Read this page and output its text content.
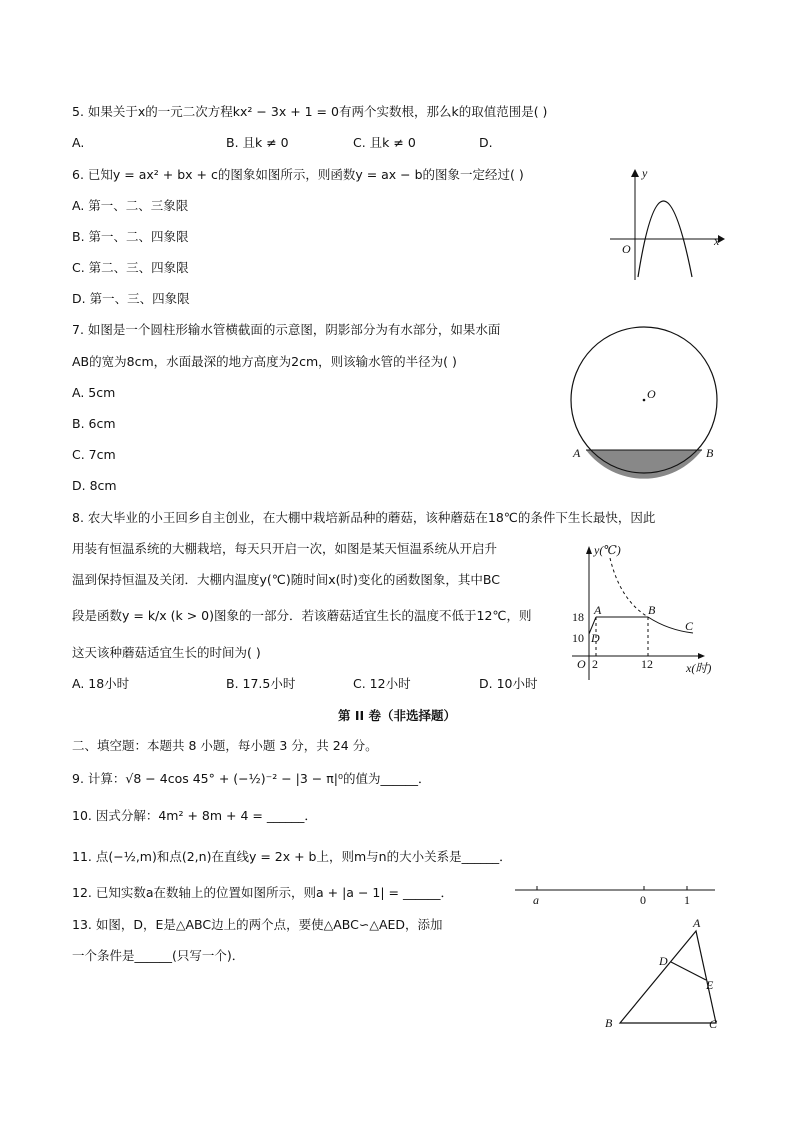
5. 如果关于x的一元二次方程kx² − 3x + 1 = 0有两个实数根，那么k的取值范围是( )
A.	B. 且k ≠ 0	C. 且k ≠ 0	D.
6. 已知y = ax² + bx + c的图象如图所示，则函数y = ax − b的图象一定经过( )
A. 第一、二、三象限
B. 第一、二、四象限
C. 第二、三、四象限
D. 第一、三、四象限
y
x
O
7. 如图是一个圆柱形输水管横截面的示意图，阴影部分为有水部分，如果水面
AB的宽为8cm，水面最深的地方高度为2cm，则该输水管的半径为( )
A. 5cm
B. 6cm
C. 7cm
D. 8cm
O
A	B
8. 农大毕业的小王回乡自主创业，在大棚中栽培新品种的蘑菇，该种蘑菇在18℃的条件下生长最快，因此
用装有恒温系统的大棚栽培，每天只开启一次，如图是某天恒温系统从开启升
温到保持恒温及关闭．大棚内温度y(℃)随时间x(时)变化的函数图象，其中BC
段是函数y = k/x (k > 0)图象的一部分．若该蘑菇适宜生长的温度不低于12℃，则
这天该种蘑菇适宜生长的时间为( )
A. 18小时	B. 17.5小时	C. 12小时	D. 10小时
y(℃)
x(时)
O
18
10
2	12
A	B
C
D
第 II 卷（非选择题）
二、填空题：本题共 8 小题，每小题 3 分，共 24 分。
9. 计算：√8 − 4cos 45° + (−½)⁻² − |3 − π|⁰的值为______．
10. 因式分解：4m² + 8m + 4 = ______．
11. 点(−½,m)和点(2,n)在直线y = 2x + b上，则m与n的大小关系是______．
12. 已知实数a在数轴上的位置如图所示，则a + |a − 1| = ______．	a	0	1
13. 如图，D，E是△ABC边上的两个点，要使△ABC∽△AED，添加
一个条件是______(只写一个)．
A
B	C
D
E
